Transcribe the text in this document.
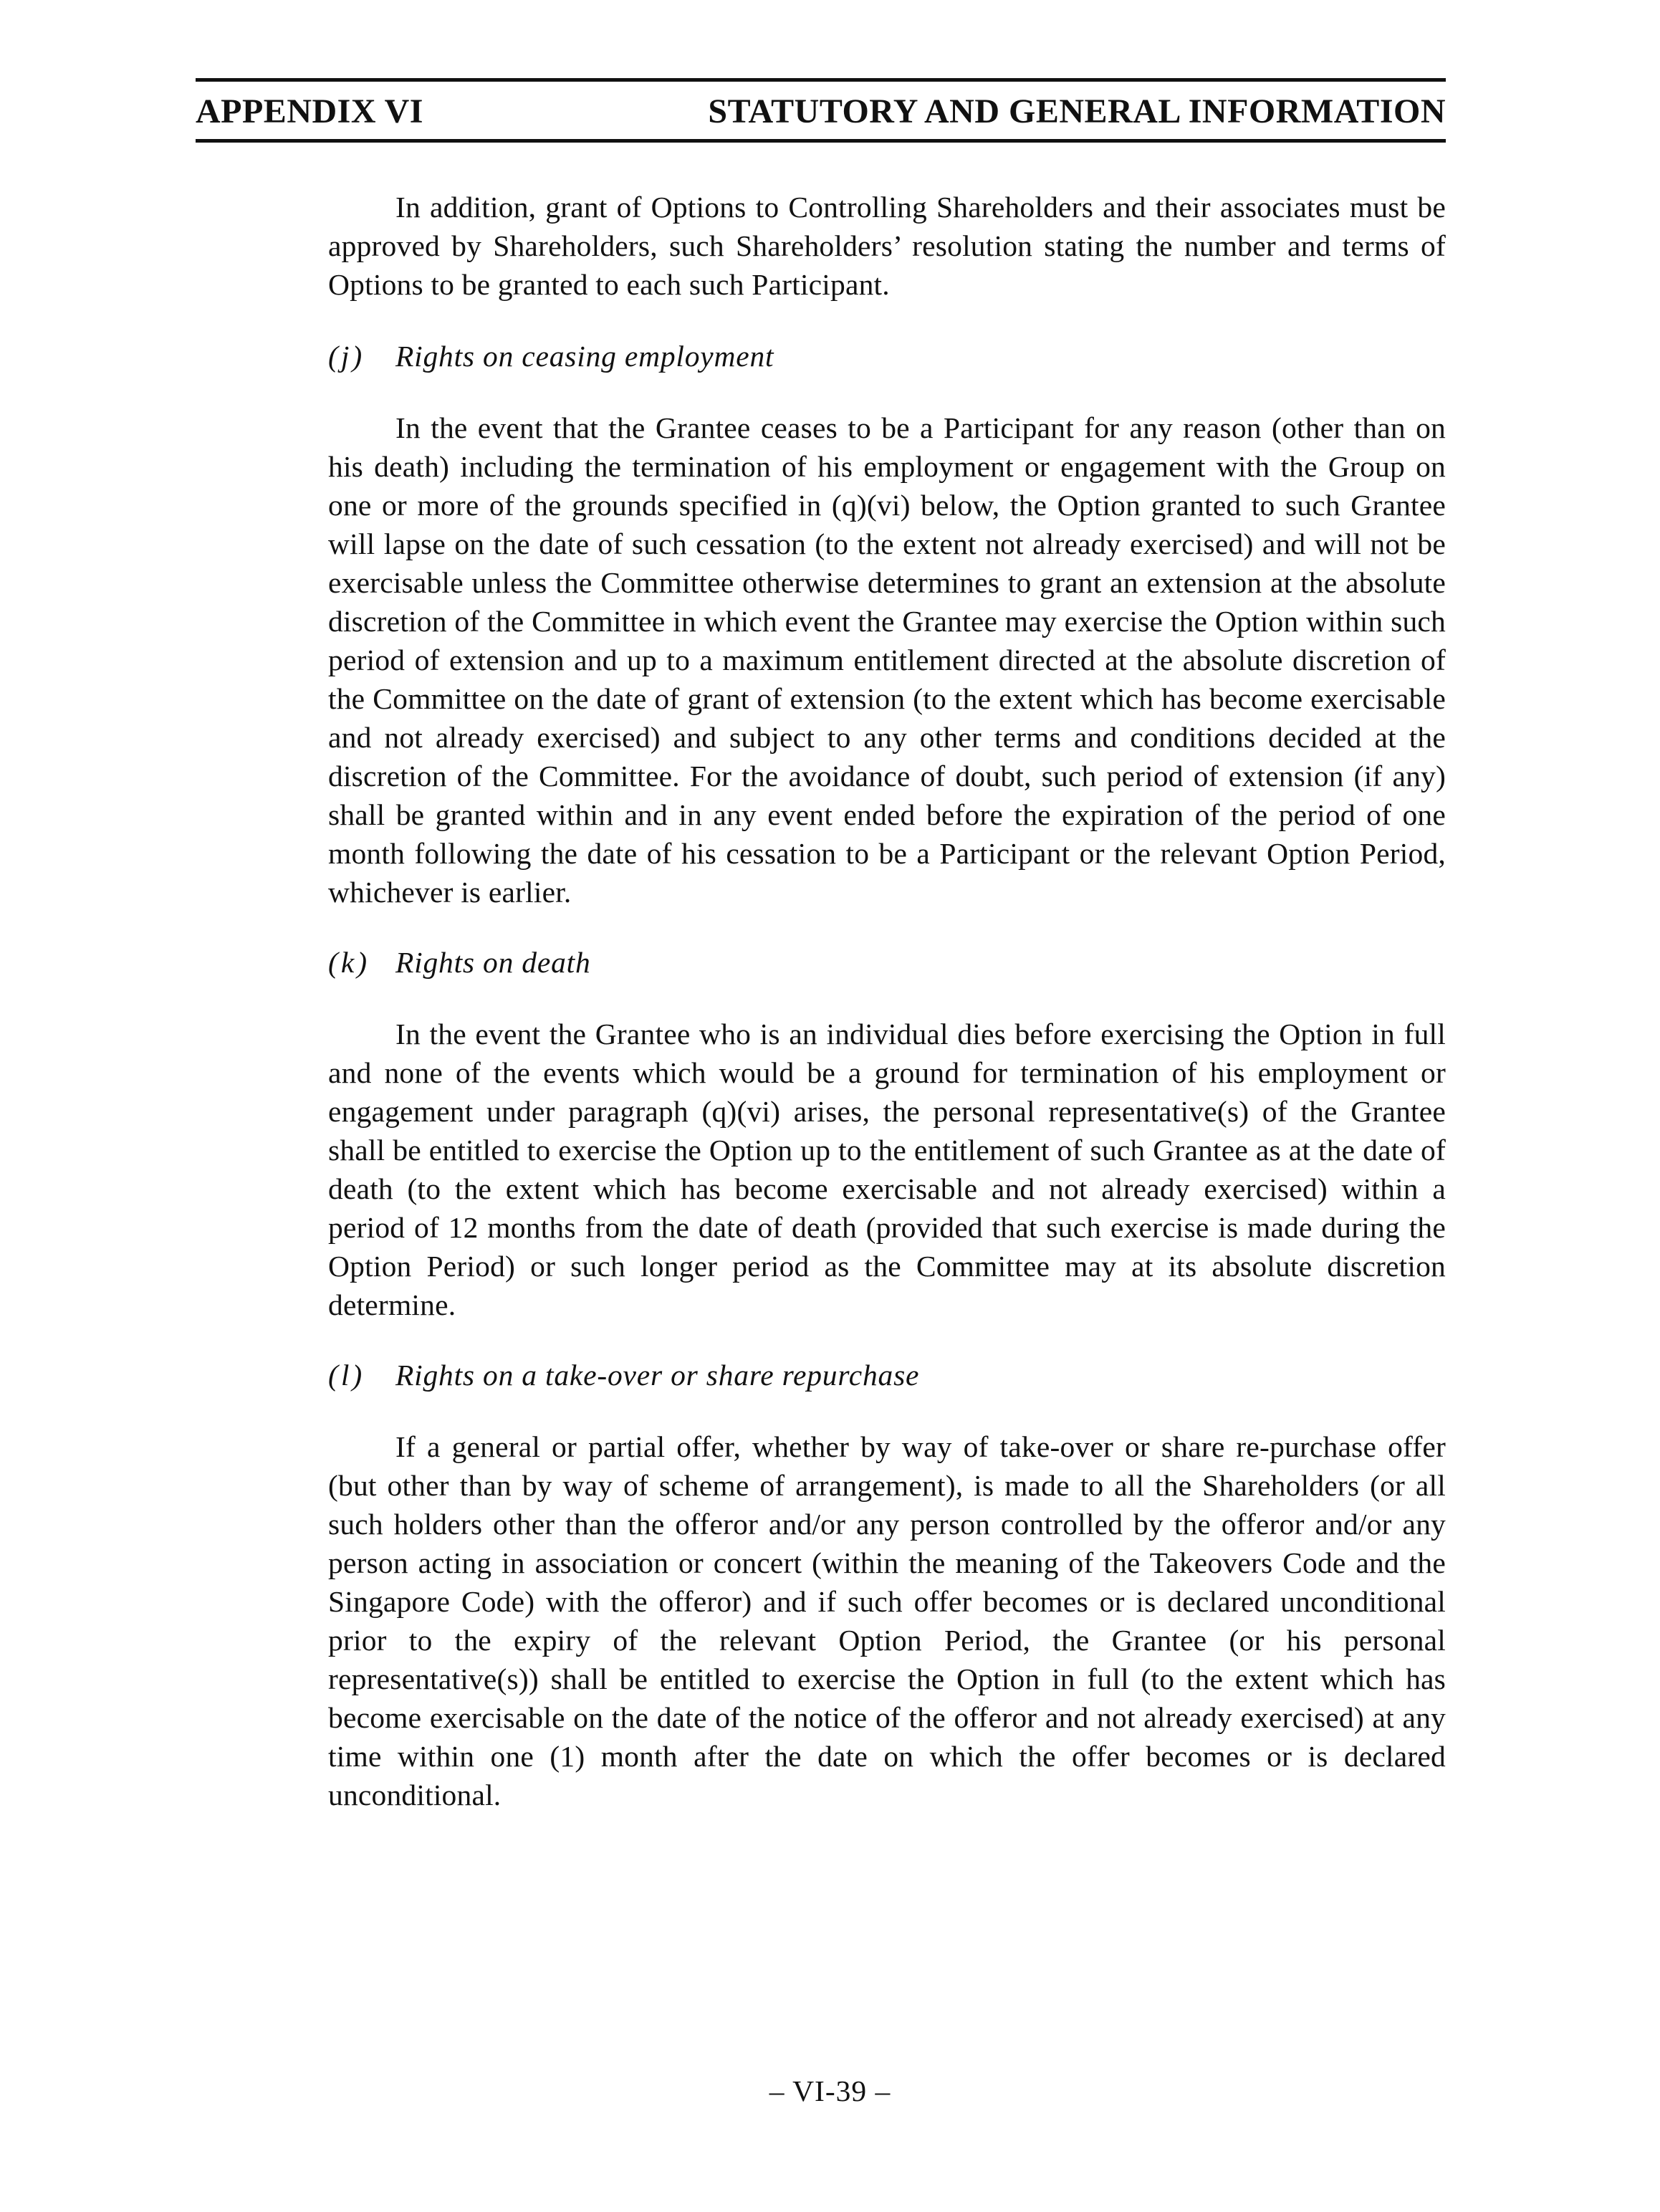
APPENDIX VI	STATUTORY AND GENERAL INFORMATION

In addition, grant of Options to Controlling Shareholders and their associates must be approved by Shareholders, such Shareholders’ resolution stating the number and terms of Options to be granted to each such Participant.

(j) Rights on ceasing employment

In the event that the Grantee ceases to be a Participant for any reason (other than on his death) including the termination of his employment or engagement with the Group on one or more of the grounds specified in (q)(vi) below, the Option granted to such Grantee will lapse on the date of such cessation (to the extent not already exercised) and will not be exercisable unless the Committee otherwise determines to grant an extension at the absolute discretion of the Committee in which event the Grantee may exercise the Option within such period of extension and up to a maximum entitlement directed at the absolute discretion of the Committee on the date of grant of extension (to the extent which has become exercisable and not already exercised) and subject to any other terms and conditions decided at the discretion of the Committee. For the avoidance of doubt, such period of extension (if any) shall be granted within and in any event ended before the expiration of the period of one month following the date of his cessation to be a Participant or the relevant Option Period, whichever is earlier.

(k) Rights on death

In the event the Grantee who is an individual dies before exercising the Option in full and none of the events which would be a ground for termination of his employment or engagement under paragraph (q)(vi) arises, the personal representative(s) of the Grantee shall be entitled to exercise the Option up to the entitlement of such Grantee as at the date of death (to the extent which has become exercisable and not already exercised) within a period of 12 months from the date of death (provided that such exercise is made during the Option Period) or such longer period as the Committee may at its absolute discretion determine.

(l) Rights on a take-over or share repurchase

If a general or partial offer, whether by way of take-over or share re-purchase offer (but other than by way of scheme of arrangement), is made to all the Shareholders (or all such holders other than the offeror and/or any person controlled by the offeror and/or any person acting in association or concert (within the meaning of the Takeovers Code and the Singapore Code) with the offeror) and if such offer becomes or is declared unconditional prior to the expiry of the relevant Option Period, the Grantee (or his personal representative(s)) shall be entitled to exercise the Option in full (to the extent which has become exercisable on the date of the notice of the offeror and not already exercised) at any time within one (1) month after the date on which the offer becomes or is declared unconditional.

– VI-39 –
